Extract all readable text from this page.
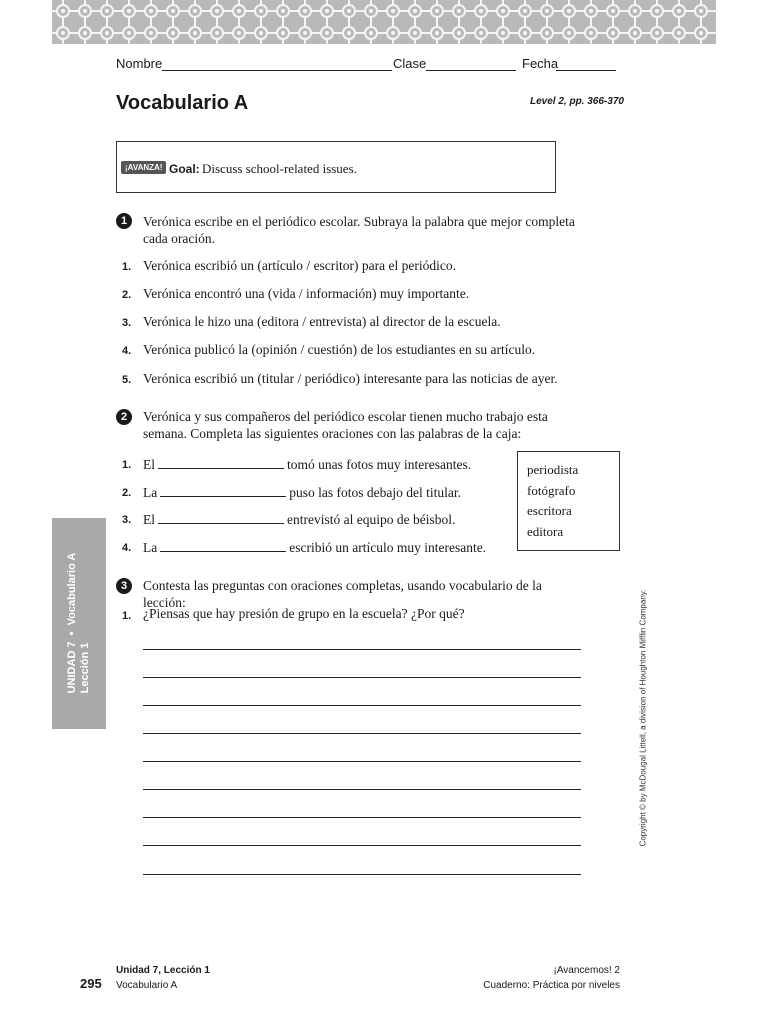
Nombre	Clase	Fecha
Vocabulario A	Level 2, pp. 366-370
¡AVANZA! Goal: Discuss school-related issues.
1	Verónica escribe en el periódico escolar. Subraya la palabra que mejor completa cada oración.
1. Verónica escribió un (artículo / escritor) para el periódico.
2. Verónica encontró una (vida / información) muy importante.
3. Verónica le hizo una (editora / entrevista) al director de la escuela.
4. Verónica publicó la (opinión / cuestión) de los estudiantes en su artículo.
5. Verónica escribió un (titular / periódico) interesante para las noticias de ayer.
2	Verónica y sus compañeros del periódico escolar tienen mucho trabajo esta semana. Completa las siguientes oraciones con las palabras de la caja:
1. El	tomó unas fotos muy interesantes.
2. La	puso las fotos debajo del titular.
3. El	entrevistó al equipo de béisbol.
4. La	escribió un artículo muy interesante.
periodista
fotógrafo
escritora
editora
3	Contesta las preguntas con oraciones completas, usando vocabulario de la lección:
1. ¿Piensas que hay presión de grupo en la escuela? ¿Por qué?
UNIDAD 7  •  Vocabulario A Lección 1	Copyright © by McDougal Littell, a division of Houghton Mifflin Company.
295
Unidad 7, Lección 1
Vocabulario A
¡Avancemos! 2
Cuaderno: Práctica por niveles
